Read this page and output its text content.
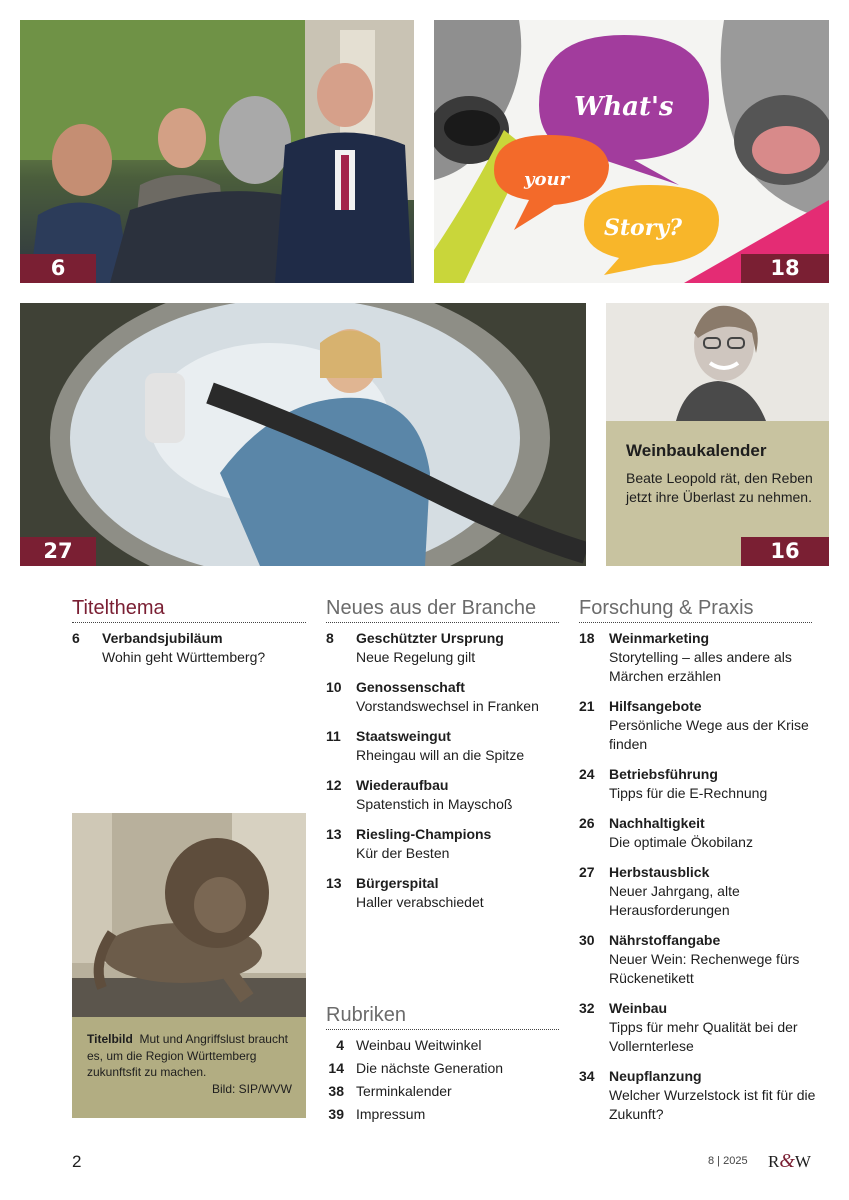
6
What's
your
Story?
18
27
Weinbaukalender
Beate Leopold rät, den Reben jetzt ihre Überlast zu nehmen.
16
Titelthema	Neues aus der Branche	Forschung & Praxis
6 Verbandsjubiläum
Wohin geht Württemberg?
8 Geschützter Ursprung
Neue Regelung gilt
10 Genossenschaft
Vorstandswechsel in Franken
11 Staatsweingut
Rheingau will an die Spitze
12 Wiederaufbau
Spatenstich in Mayschoß
13 Riesling-Champions
Kür der Besten
13 Bürgerspital
Haller verabschiedet
18 Weinmarketing
Storytelling – alles andere als Märchen erzählen
21 Hilfsangebote
Persönliche Wege aus der Krise finden
24 Betriebsführung
Tipps für die E-Rechnung
26 Nachhaltigkeit
Die optimale Ökobilanz
27 Herbstausblick
Neuer Jahrgang, alte Herausforderungen
30 Nährstoffangabe
Neuer Wein: Rechenwege fürs Rückenetikett
32 Weinbau
Tipps für mehr Qualität bei der Vollernterlese
34 Neupflanzung
Welcher Wurzelstock ist fit für die Zukunft?
Titelbild Mut und Angriffslust braucht es, um die Region Württemberg zukunftsfit zu machen.
Bild: SIP/WVW
Rubriken
4 Weinbau Weitwinkel
14 Die nächste Generation
38 Terminkalender
39 Impressum
2	8 | 2025 R&W
